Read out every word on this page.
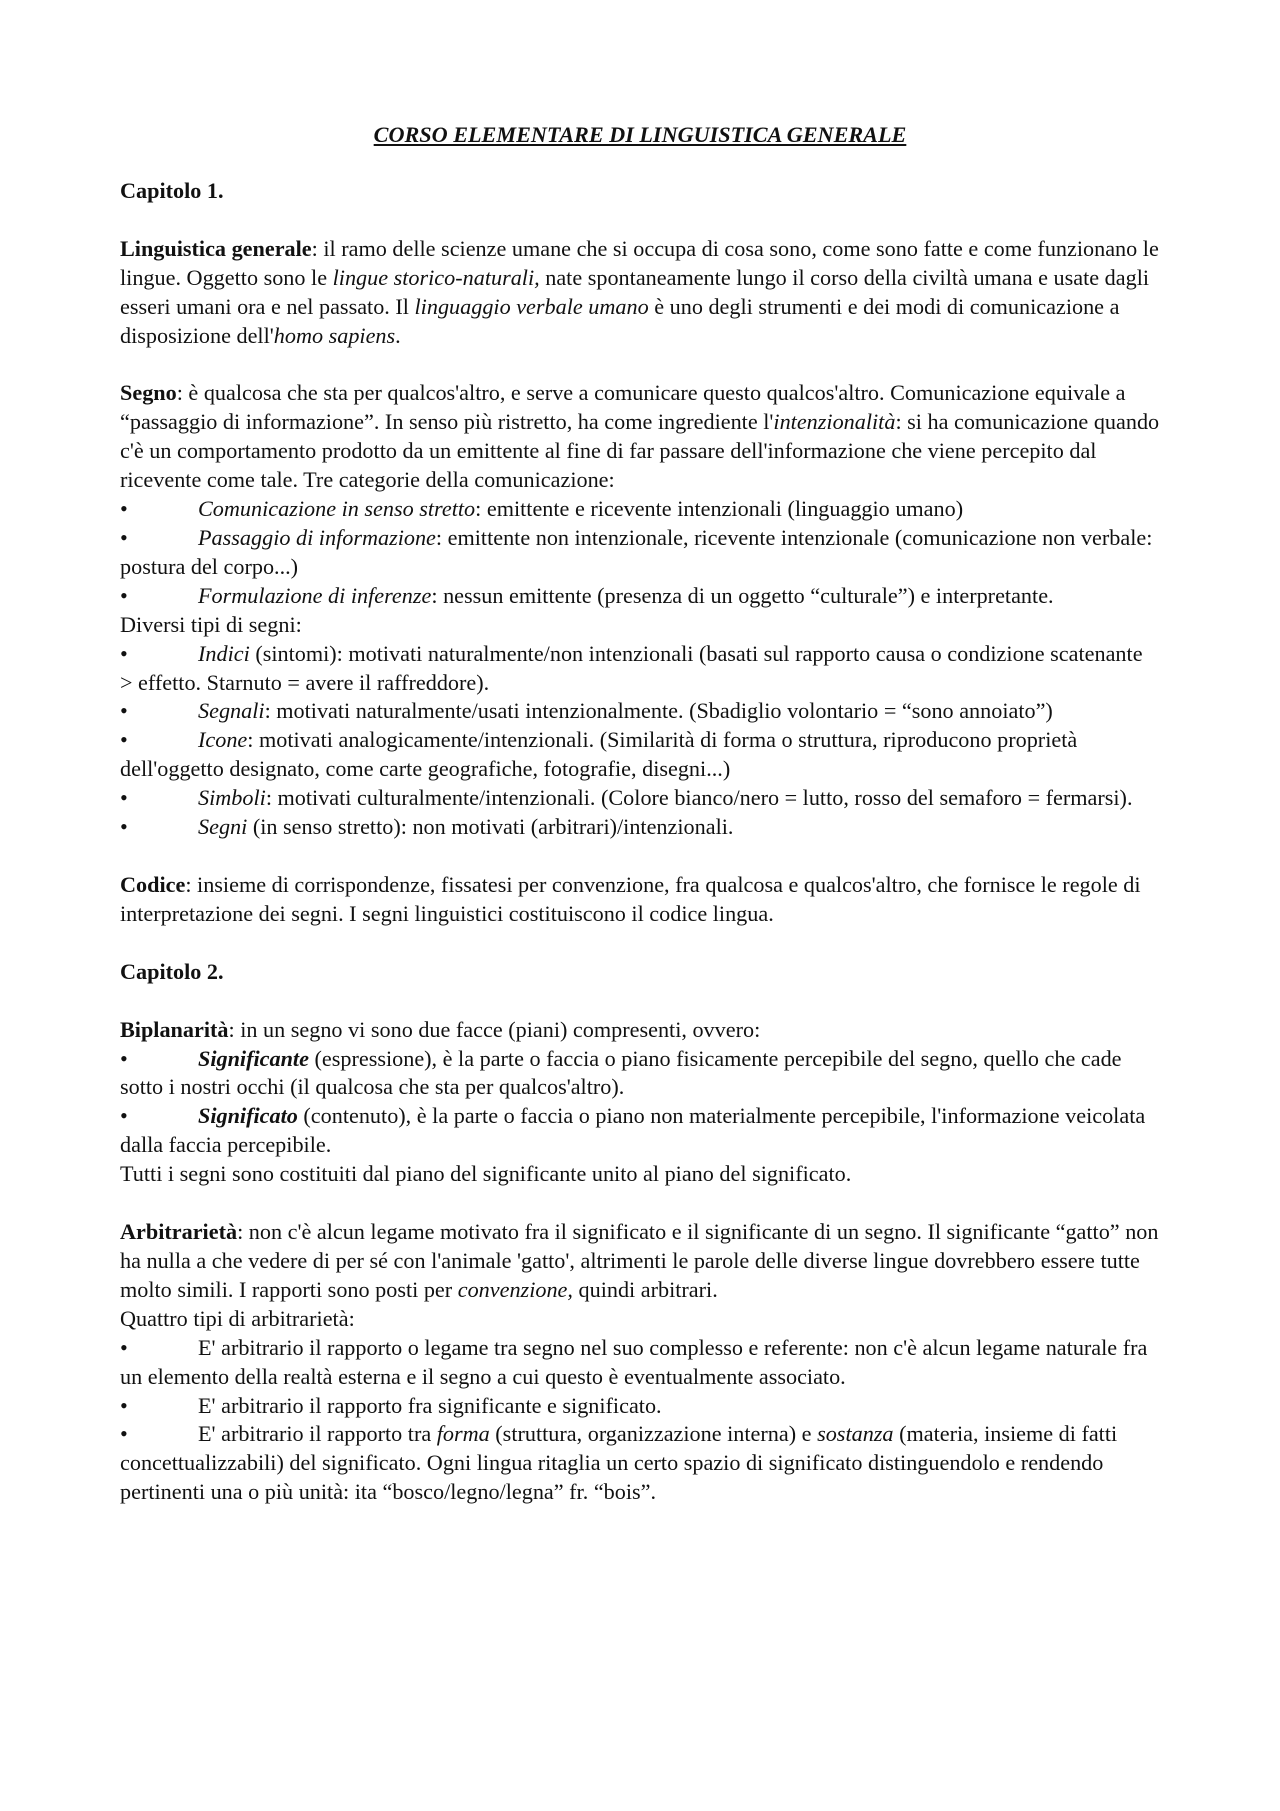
CORSO ELEMENTARE DI LINGUISTICA GENERALE

Capitolo 1.

Linguistica generale: il ramo delle scienze umane che si occupa di cosa sono, come sono fatte e come funzionano le lingue. Oggetto sono le lingue storico-naturali, nate spontaneamente lungo il corso della civiltà umana e usate dagli esseri umani ora e nel passato. Il linguaggio verbale umano è uno degli strumenti e dei modi di comunicazione a disposizione dell'homo sapiens.

Segno: è qualcosa che sta per qualcos'altro, e serve a comunicare questo qualcos'altro. Comunicazione equivale a “passaggio di informazione”. In senso più ristretto, ha come ingrediente l'intenzionalità: si ha comunicazione quando c'è un comportamento prodotto da un emittente al fine di far passare dell'informazione che viene percepito dal ricevente come tale. Tre categorie della comunicazione:

•	Comunicazione in senso stretto: emittente e ricevente intenzionali (linguaggio umano)

•	Passaggio di informazione: emittente non intenzionale, ricevente intenzionale (comunicazione non verbale: postura del corpo...)

•	Formulazione di inferenze: nessun emittente (presenza di un oggetto “culturale”) e interpretante.

Diversi tipi di segni:

•	Indici (sintomi): motivati naturalmente/non intenzionali (basati sul rapporto causa o condizione scatenante > effetto. Starnuto = avere il raffreddore).

•	Segnali: motivati naturalmente/usati intenzionalmente. (Sbadiglio volontario = “sono annoiato”)

•	Icone: motivati analogicamente/intenzionali. (Similarità di forma o struttura, riproducono proprietà dell'oggetto designato, come carte geografiche, fotografie, disegni...)

•	Simboli: motivati culturalmente/intenzionali. (Colore bianco/nero = lutto, rosso del semaforo = fermarsi).

•	Segni (in senso stretto): non motivati (arbitrari)/intenzionali.

Codice: insieme di corrispondenze, fissatesi per convenzione, fra qualcosa e qualcos'altro, che fornisce le regole di interpretazione dei segni. I segni linguistici costituiscono il codice lingua.

Capitolo 2.

Biplanarità: in un segno vi sono due facce (piani) compresenti, ovvero:

•	Significante (espressione), è la parte o faccia o piano fisicamente percepibile del segno, quello che cade sotto i nostri occhi (il qualcosa che sta per qualcos'altro).

•	Significato (contenuto), è la parte o faccia o piano non materialmente percepibile, l'informazione veicolata dalla faccia percepibile.

Tutti i segni sono costituiti dal piano del significante unito al piano del significato.

Arbitrarietà: non c'è alcun legame motivato fra il significato e il significante di un segno. Il significante “gatto” non ha nulla a che vedere di per sé con l'animale 'gatto', altrimenti le parole delle diverse lingue dovrebbero essere tutte molto simili. I rapporti sono posti per convenzione, quindi arbitrari.

Quattro tipi di arbitrarietà:

•	E' arbitrario il rapporto o legame tra segno nel suo complesso e referente: non c'è alcun legame naturale fra un elemento della realtà esterna e il segno a cui questo è eventualmente associato.

•	E' arbitrario il rapporto fra significante e significato.

•	E' arbitrario il rapporto tra forma (struttura, organizzazione interna) e sostanza (materia, insieme di fatti concettualizzabili) del significato. Ogni lingua ritaglia un certo spazio di significato distinguendolo e rendendo pertinenti una o più unità: ita “bosco/legno/legna” fr. “bois”.
